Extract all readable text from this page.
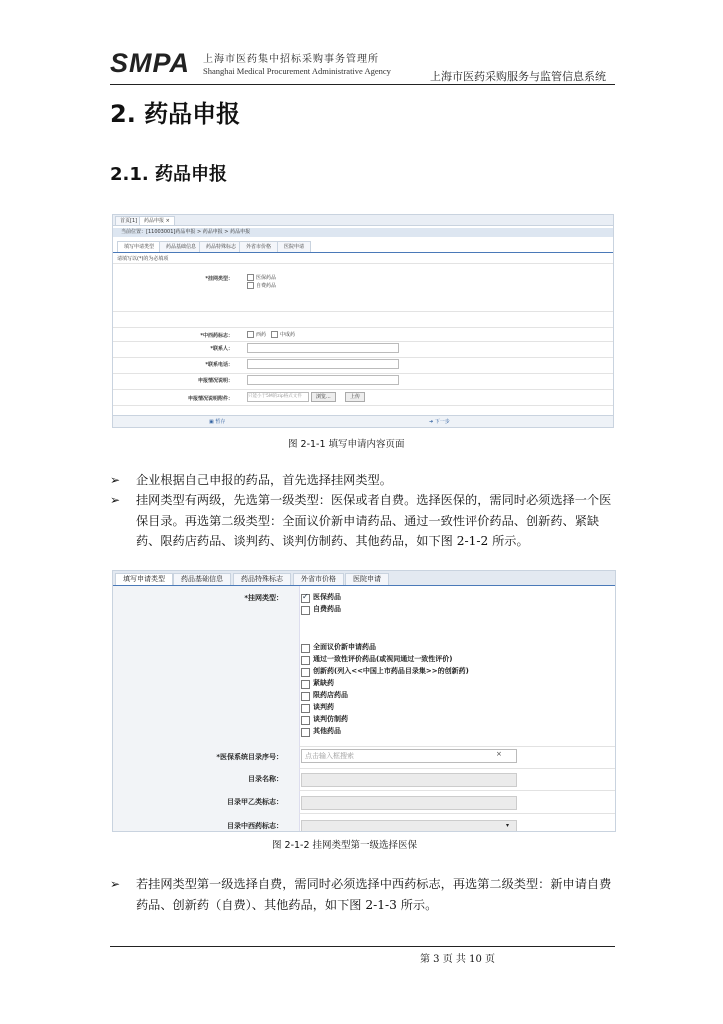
SMPA 上海市医药集中招标采购事务管理所
Shanghai Medical Procurement Administrative Agency	上海市医药采购服务与监管信息系统
2. 药品申报
2.1. 药品申报
首页[1]	药品申报 ×
当前位置：[11003001]药品申报 > 药品申报 > 药品申报
填写申请类型	药品基础信息	药品特殊标志	外省市价格	医院申请
请填写以(*)的为必填项
*挂网类型：	医保药品
自费药品
*中西药标志：	西药	中成药
*联系人：
*联系电话：
申报情况说明：
申报情况说明附件：	只能小于5M的zip格式文件	浏览...	上传
▣ 暂存	➜ 下一步
图 2-1-1 填写申请内容页面
➢ 企业根据自己申报的药品，首先选择挂网类型。
➢ 挂网类型有两级，先选第一级类型：医保或者自费。选择医保的，需同时必须选择一个医保目录。再选第二级类型：全面议价新申请药品、通过一致性评价药品、创新药、紧缺药、限药店药品、谈判药、谈判仿制药、其他药品，如下图 2-1-2 所示。
填写申请类型	药品基础信息	药品特殊标志	外省市价格	医院申请
*挂网类型：
✓	医保药品
自费药品
全面议价新申请药品
通过一致性评价药品(或视同通过一致性评价)
创新药(列入<<中国上市药品目录集>>的创新药)
紧缺药
限药店药品
谈判药
谈判仿制药
其他药品
*医保系统目录序号：	点击输入框搜索	×
目录名称：
目录甲乙类标志：
目录中西药标志：	▾
图 2-1-2 挂网类型第一级选择医保
➢ 若挂网类型第一级选择自费，需同时必须选择中西药标志，再选第二级类型：新申请自费药品、创新药（自费）、其他药品，如下图 2-1-3 所示。
第 3 页 共 10 页
